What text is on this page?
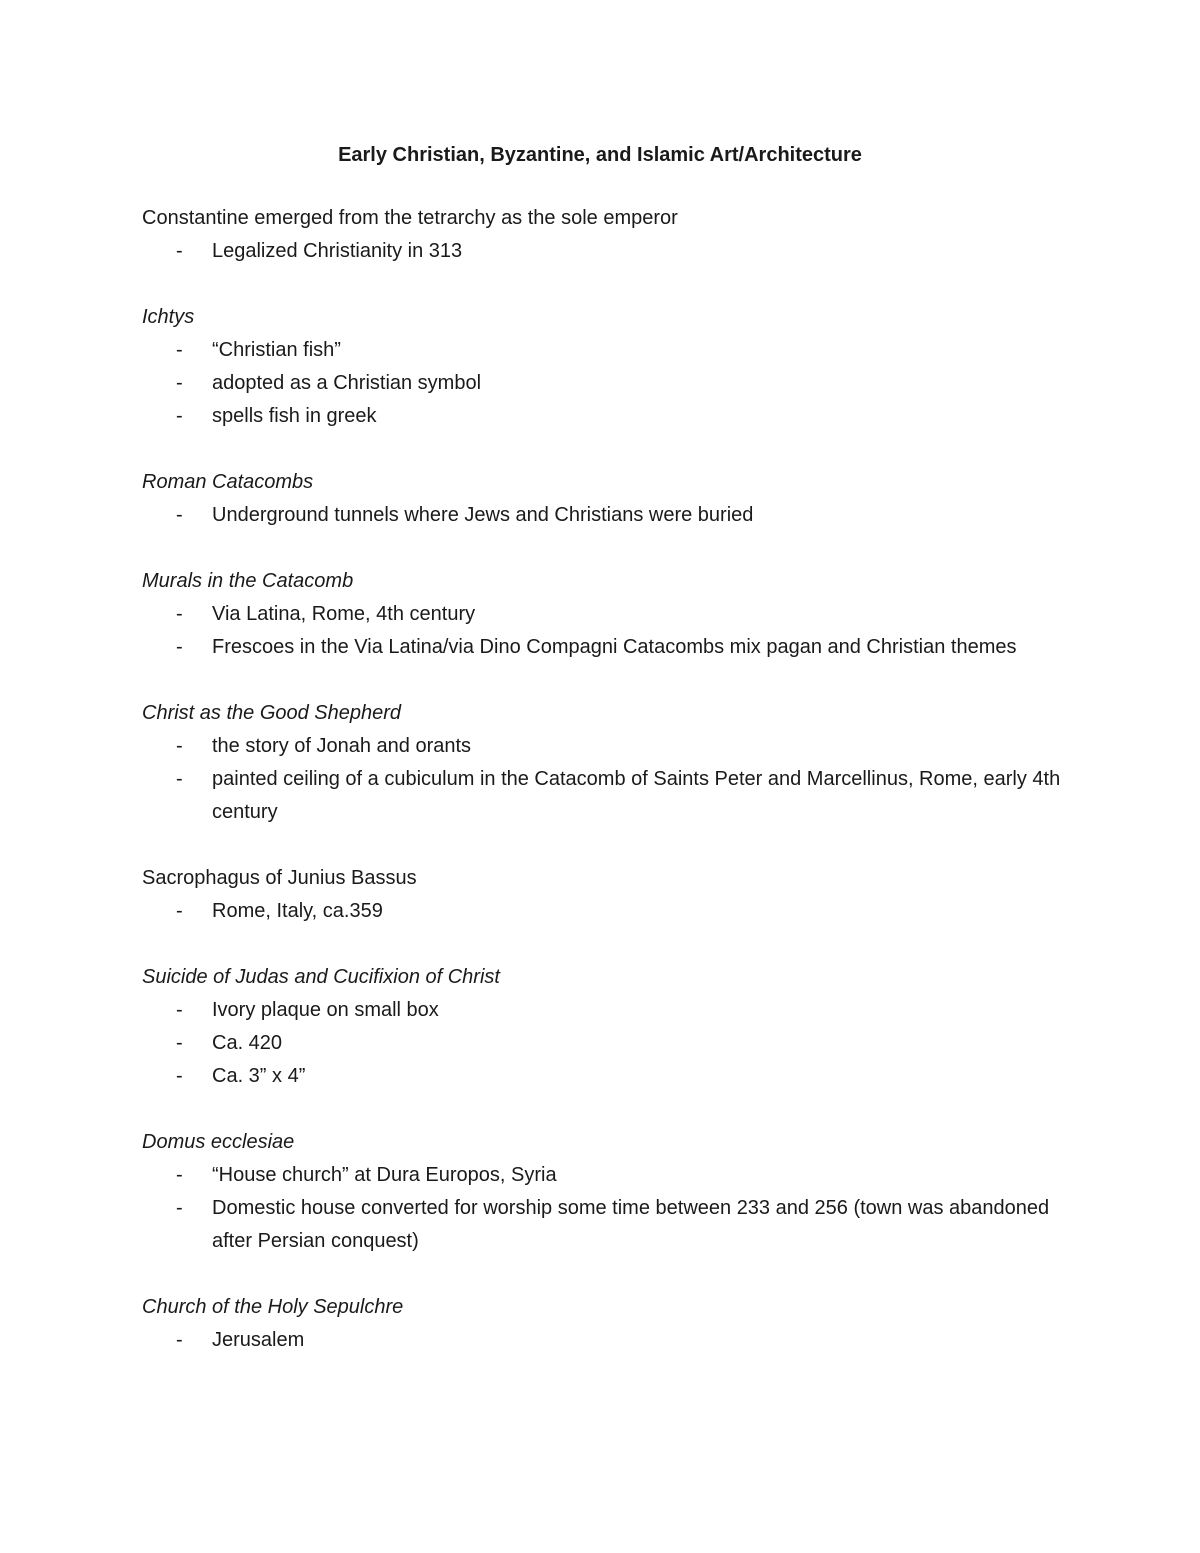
Early Christian, Byzantine, and Islamic Art/Architecture

Constantine emerged from the tetrarchy as the sole emperor

- Legalized Christianity in 313

Ichtys

- “Christian fish”
- adopted as a Christian symbol
- spells fish in greek

Roman Catacombs

- Underground tunnels where Jews and Christians were buried

Murals in the Catacomb

- Via Latina, Rome, 4th century
- Frescoes in the Via Latina/via Dino Compagni Catacombs mix pagan and Christian themes

Christ as the Good Shepherd

- the story of Jonah and orants
- painted ceiling of a cubiculum in the Catacomb of Saints Peter and Marcellinus, Rome, early 4th century

Sacrophagus of Junius Bassus

- Rome, Italy, ca.359

Suicide of Judas and Cucifixion of Christ

- Ivory plaque on small box
- Ca. 420
- Ca. 3” x 4”

Domus ecclesiae

- “House church” at Dura Europos, Syria
- Domestic house converted for worship some time between 233 and 256 (town was abandoned after Persian conquest)

Church of the Holy Sepulchre

- Jerusalem
